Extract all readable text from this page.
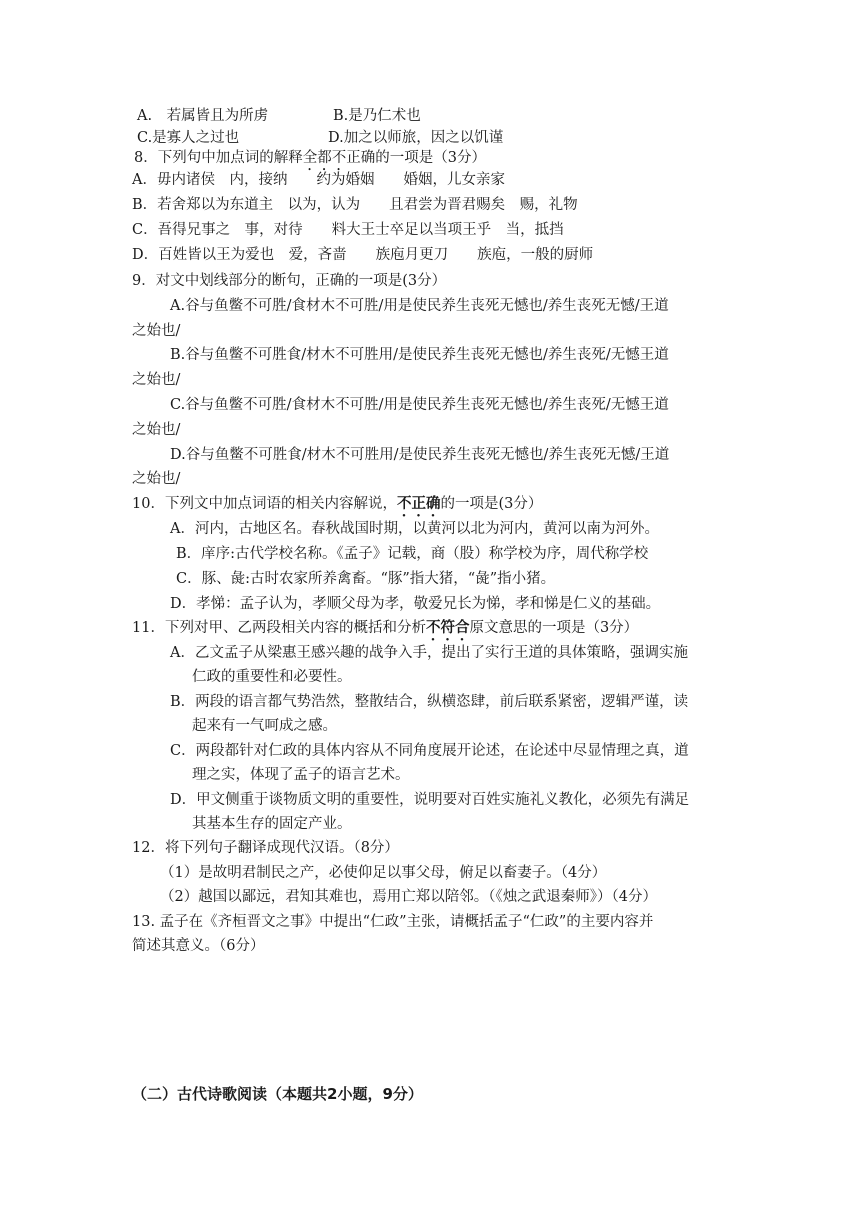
A.　若属皆且为所虏	B.是乃仁术也
C.是寡人之过也	D.加之以师旅，因之以饥谨
8．下列句中加点词的解释全都不正确的一项是（3分）
A．毋内诸侯　内，接纳　　约为婚姻　　婚姻，儿女亲家
B．若舍郑以为东道主　以为，认为　　且君尝为晋君赐矣　赐，礼物
C．吾得兄事之　事，对待　　料大王士卒足以当项王乎　当，抵挡
D．百姓皆以王为爱也　爱，吝啬　　族庖月更刀　　族庖，一般的厨师
9．对文中划线部分的断句，正确的一项是(3分）
A.谷与鱼鳖不可胜/食材木不可胜/用是使民养生丧死无憾也/养生丧死无憾/王道
之始也/
B.谷与鱼鳖不可胜食/材木不可胜用/是使民养生丧死无憾也/养生丧死/无憾王道
之始也/
C.谷与鱼鳖不可胜/食材木不可胜/用是使民养生丧死无憾也/养生丧死/无憾王道
之始也/
D.谷与鱼鳖不可胜食/材木不可胜用/是使民养生丧死无憾也/养生丧死无憾/王道
之始也/
10．下列文中加点词语的相关内容解说，不正确的一项是(3分）
A．河内，古地区名。春秋战国时期，以黄河以北为河内，黄河以南为河外。
B．庠序:古代学校名称。《孟子》记载，商（股）称学校为序，周代称学校
C．豚、彘:古时农家所养禽畜。“豚”指大猪，“彘”指小猪。
D．孝悌：孟子认为，孝顺父母为孝，敬爱兄长为悌，孝和悌是仁义的基础。
11．下列对甲、乙两段相关内容的概括和分析不符合原文意思的一项是（3分）
A．乙文孟子从梁惠王感兴趣的战争入手，提出了实行王道的具体策略，强调实施
仁政的重要性和必要性。
B．两段的语言都气势浩然，整散结合，纵横恣肆，前后联系紧密，逻辑严谨，读
起来有一气呵成之感。
C．两段都针对仁政的具体内容从不同角度展开论述，在论述中尽显情理之真，道
理之实，体现了孟子的语言艺术。
D．甲文侧重于谈物质文明的重要性，说明要对百姓实施礼义教化，必须先有满足
其基本生存的固定产业。
12．将下列句子翻译成现代汉语。（8分）
（1）是故明君制民之产，必使仰足以事父母，俯足以畜妻子。（4分）
（2）越国以鄙远，君知其难也，焉用亡郑以陪邻。（《烛之武退秦师》）（4分）
13. 孟子在《齐桓晋文之事》中提出“仁政”主张，请概括孟子“仁政”的主要内容并
简述其意义。（6分）
（二）古代诗歌阅读（本题共2小题，9分）
